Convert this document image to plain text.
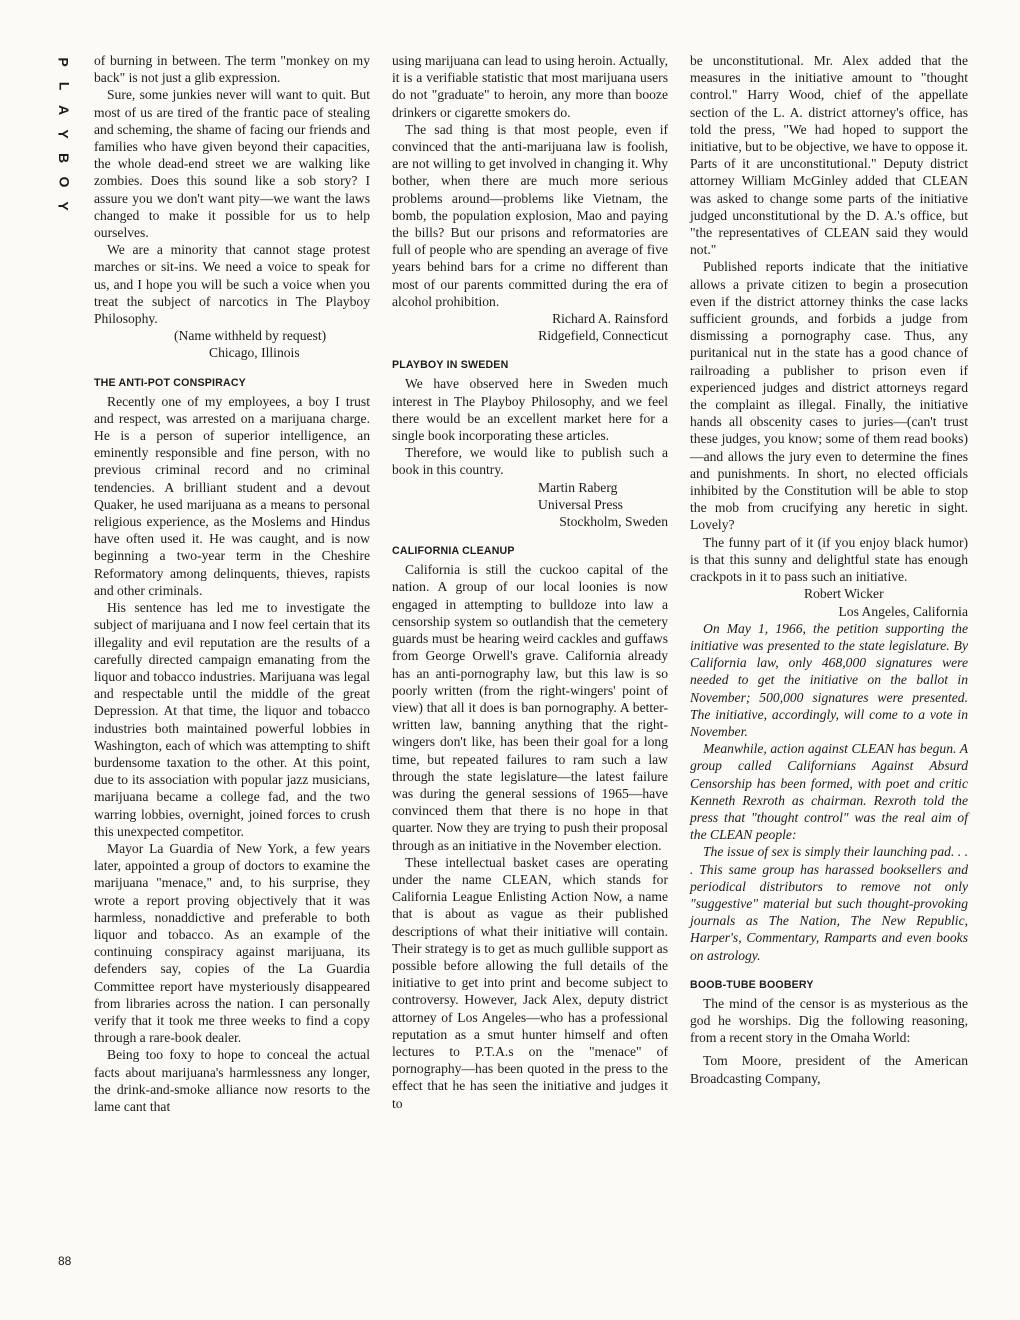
P
L
A
Y
B
O
Y
88

of burning in between. The term "monkey on my back" is not just a glib expression.

Sure, some junkies never will want to quit. But most of us are tired of the frantic pace of stealing and scheming, the shame of facing our friends and families who have given beyond their capacities, the whole dead-end street we are walking like zombies. Does this sound like a sob story? I assure you we don't want pity—we want the laws changed to make it possible for us to help ourselves.

We are a minority that cannot stage protest marches or sit-ins. We need a voice to speak for us, and I hope you will be such a voice when you treat the subject of narcotics in The Playboy Philosophy.

(Name withheld by request)
Chicago, Illinois
THE ANTI-POT CONSPIRACY

Recently one of my employees, a boy I trust and respect, was arrested on a marijuana charge. He is a person of superior intelligence, an eminently responsible and fine person, with no previous criminal record and no criminal tendencies. A brilliant student and a devout Quaker, he used marijuana as a means to personal religious experience, as the Moslems and Hindus have often used it. He was caught, and is now beginning a two-year term in the Cheshire Reformatory among delinquents, thieves, rapists and other criminals.

His sentence has led me to investigate the subject of marijuana and I now feel certain that its illegality and evil reputation are the results of a carefully directed campaign emanating from the liquor and tobacco industries. Marijuana was legal and respectable until the middle of the great Depression. At that time, the liquor and tobacco industries both maintained powerful lobbies in Washington, each of which was attempting to shift burdensome taxation to the other. At this point, due to its association with popular jazz musicians, marijuana became a college fad, and the two warring lobbies, overnight, joined forces to crush this unexpected competitor.

Mayor La Guardia of New York, a few years later, appointed a group of doctors to examine the marijuana "menace," and, to his surprise, they wrote a report proving objectively that it was harmless, nonaddictive and preferable to both liquor and tobacco. As an example of the continuing conspiracy against marijuana, its defenders say, copies of the La Guardia Committee report have mysteriously disappeared from libraries across the nation. I can personally verify that it took me three weeks to find a copy through a rare-book dealer.

Being too foxy to hope to conceal the actual facts about marijuana's harmlessness any longer, the drink-and-smoke alliance now resorts to the lame cant that

using marijuana can lead to using heroin. Actually, it is a verifiable statistic that most marijuana users do not "graduate" to heroin, any more than booze drinkers or cigarette smokers do.

The sad thing is that most people, even if convinced that the anti-marijuana law is foolish, are not willing to get involved in changing it. Why bother, when there are much more serious problems around—problems like Vietnam, the bomb, the population explosion, Mao and paying the bills? But our prisons and reformatories are full of people who are spending an average of five years behind bars for a crime no different than most of our parents committed during the era of alcohol prohibition.

Richard A. Rainsford
Ridgefield, Connecticut
PLAYBOY IN SWEDEN

We have observed here in Sweden much interest in The Playboy Philosophy, and we feel there would be an excellent market here for a single book incorporating these articles.

Therefore, we would like to publish such a book in this country.

Martin Raberg
Universal Press
Stockholm, Sweden
CALIFORNIA CLEANUP

California is still the cuckoo capital of the nation. A group of our local loonies is now engaged in attempting to bulldoze into law a censorship system so outlandish that the cemetery guards must be hearing weird cackles and guffaws from George Orwell's grave. California already has an anti-pornography law, but this law is so poorly written (from the right-wingers' point of view) that all it does is ban pornography. A better-written law, banning anything that the right-wingers don't like, has been their goal for a long time, but repeated failures to ram such a law through the state legislature—the latest failure was during the general sessions of 1965—have convinced them that there is no hope in that quarter. Now they are trying to push their proposal through as an initiative in the November election.

These intellectual basket cases are operating under the name CLEAN, which stands for California League Enlisting Action Now, a name that is about as vague as their published descriptions of what their initiative will contain. Their strategy is to get as much gullible support as possible before allowing the full details of the initiative to get into print and become subject to controversy. However, Jack Alex, deputy district attorney of Los Angeles—who has a professional reputation as a smut hunter himself and often lectures to P.T.A.s on the "menace" of pornography—has been quoted in the press to the effect that he has seen the initiative and judges it to

be unconstitutional. Mr. Alex added that the measures in the initiative amount to "thought control." Harry Wood, chief of the appellate section of the L. A. district attorney's office, has told the press, "We had hoped to support the initiative, but to be objective, we have to oppose it. Parts of it are unconstitutional." Deputy district attorney William McGinley added that CLEAN was asked to change some parts of the initiative judged unconstitutional by the D. A.'s office, but "the representatives of CLEAN said they would not."

Published reports indicate that the initiative allows a private citizen to begin a prosecution even if the district attorney thinks the case lacks sufficient grounds, and forbids a judge from dismissing a pornography case. Thus, any puritanical nut in the state has a good chance of railroading a publisher to prison even if experienced judges and district attorneys regard the complaint as illegal. Finally, the initiative hands all obscenity cases to juries—(can't trust these judges, you know; some of them read books)—and allows the jury even to determine the fines and punishments. In short, no elected officials inhibited by the Constitution will be able to stop the mob from crucifying any heretic in sight. Lovely?

The funny part of it (if you enjoy black humor) is that this sunny and delightful state has enough crackpots in it to pass such an initiative.

Robert Wicker
Los Angeles, California

On May 1, 1966, the petition supporting the initiative was presented to the state legislature. By California law, only 468,000 signatures were needed to get the initiative on the ballot in November; 500,000 signatures were presented. The initiative, accordingly, will come to a vote in November.

Meanwhile, action against CLEAN has begun. A group called Californians Against Absurd Censorship has been formed, with poet and critic Kenneth Rexroth as chairman. Rexroth told the press that "thought control" was the real aim of the CLEAN people:

The issue of sex is simply their launching pad. . . . This same group has harassed booksellers and periodical distributors to remove not only "suggestive" material but such thought-provoking journals as The Nation, The New Republic, Harper's, Commentary, Ramparts and even books on astrology.

BOOB-TUBE BOOBERY

The mind of the censor is as mysterious as the god he worships. Dig the following reasoning, from a recent story in the Omaha World:

Tom Moore, president of the American Broadcasting Company,
